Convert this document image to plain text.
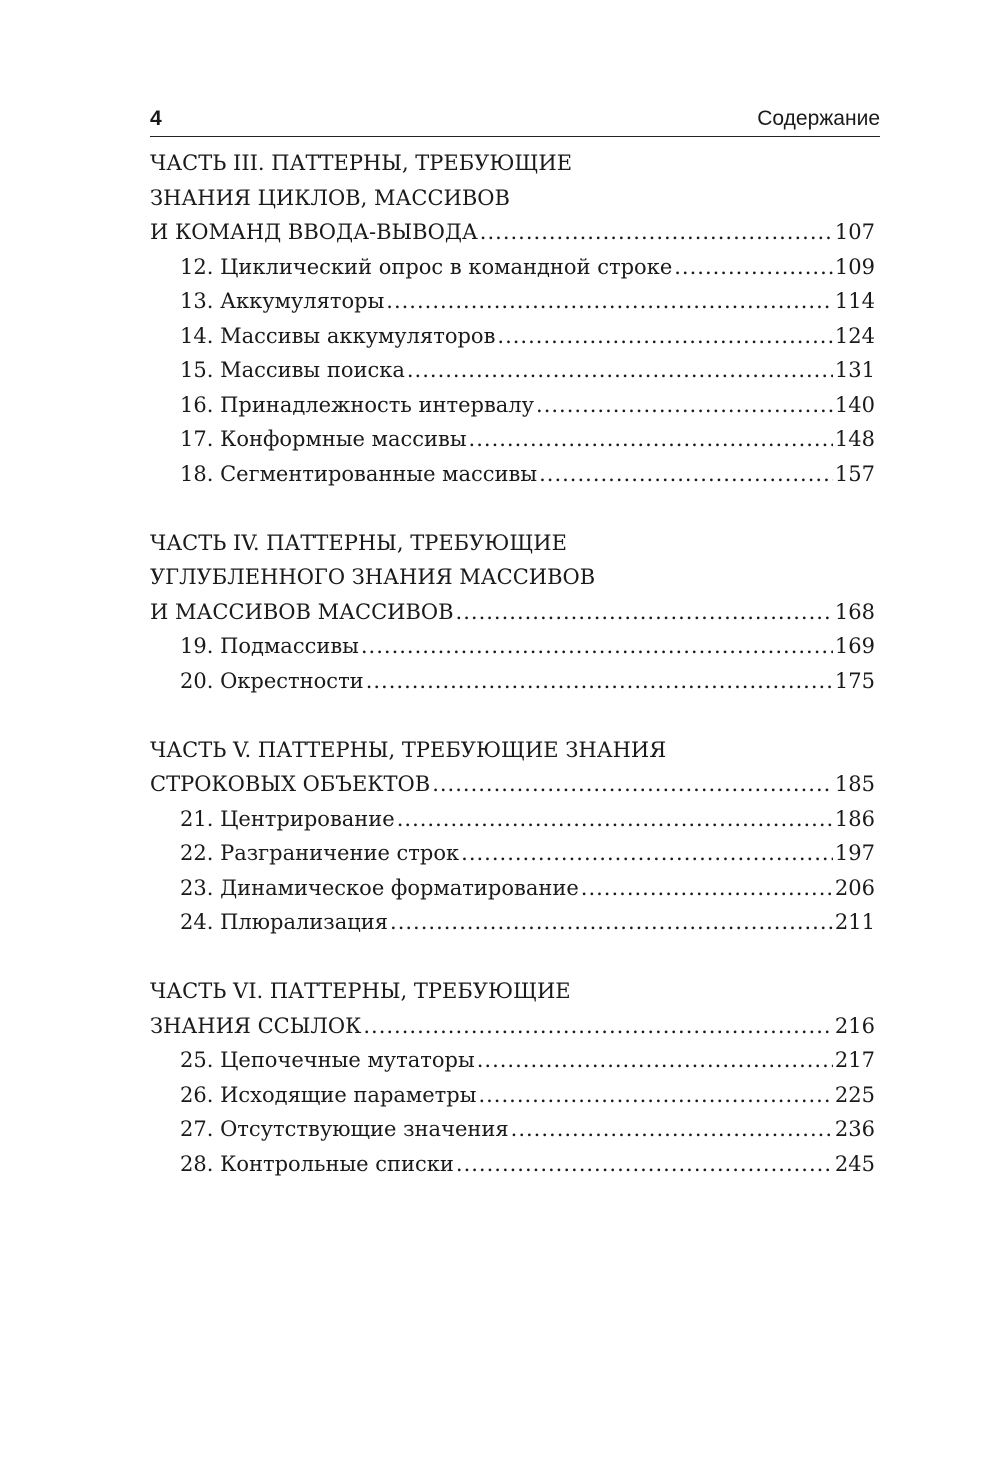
4	Содержание
ЧАСТЬ III. ПАТТЕРНЫ, ТРЕБУЮЩИЕ
ЗНАНИЯ ЦИКЛОВ, МАССИВОВ
И КОМАНД ВВОДА-ВЫВОДА .....	107
12. Циклический опрос в командной строке .....	109
13. Аккумуляторы .....	114
14. Массивы аккумуляторов .....	124
15. Массивы поиска .....	131
16. Принадлежность интервалу .....	140
17. Конформные массивы .....	148
18. Сегментированные массивы .....	157
ЧАСТЬ IV. ПАТТЕРНЫ, ТРЕБУЮЩИЕ
УГЛУБЛЕННОГО ЗНАНИЯ МАССИВОВ
И МАССИВОВ МАССИВОВ .....	168
19. Подмассивы .....	169
20. Окрестности .....	175
ЧАСТЬ V. ПАТТЕРНЫ, ТРЕБУЮЩИЕ ЗНАНИЯ
СТРОКОВЫХ ОБЪЕКТОВ .....	185
21. Центрирование .....	186
22. Разграничение строк .....	197
23. Динамическое форматирование .....	206
24. Плюрализация .....	211
ЧАСТЬ VI. ПАТТЕРНЫ, ТРЕБУЮЩИЕ
ЗНАНИЯ ССЫЛОК .....	216
25. Цепочечные мутаторы .....	217
26. Исходящие параметры .....	225
27. Отсутствующие значения .....	236
28. Контрольные списки .....	245
